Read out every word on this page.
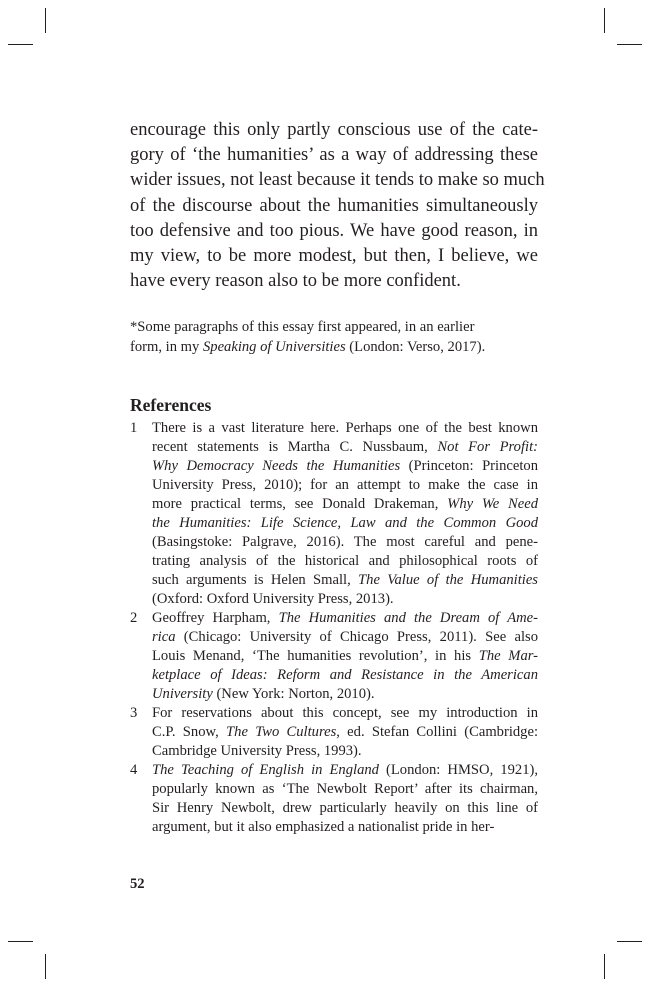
encourage this only partly conscious use of the cate-
gory of ‘the humanities’ as a way of addressing these
wider issues, not least because it tends to make so much
of the discourse about the humanities simultaneously
too defensive and too pious. We have good reason, in
my view, to be more modest, but then, I believe, we
have every reason also to be more confident.

*Some paragraphs of this essay first appeared, in an earlier
form, in my Speaking of Universities (London: Verso, 2017).

References
1 There is a vast literature here. Perhaps one of the best known
recent statements is Martha C. Nussbaum, Not For Profit:
Why Democracy Needs the Humanities (Princeton: Princeton
University Press, 2010); for an attempt to make the case in
more practical terms, see Donald Drakeman, Why We Need
the Humanities: Life Science, Law and the Common Good
(Basingstoke: Palgrave, 2016). The most careful and pene-
trating analysis of the historical and philosophical roots of
such arguments is Helen Small, The Value of the Humanities
(Oxford: Oxford University Press, 2013).
2 Geoffrey Harpham, The Humanities and the Dream of Ame-
rica (Chicago: University of Chicago Press, 2011). See also
Louis Menand, ‘The humanities revolution’, in his The Mar-
ketplace of Ideas: Reform and Resistance in the American
University (New York: Norton, 2010).
3 For reservations about this concept, see my introduction in
C.P. Snow, The Two Cultures, ed. Stefan Collini (Cambridge:
Cambridge University Press, 1993).
4 The Teaching of English in England (London: HMSO, 1921),
popularly known as ‘The Newbolt Report’ after its chairman,
Sir Henry Newbolt, drew particularly heavily on this line of
argument, but it also emphasized a nationalist pride in her-

52
